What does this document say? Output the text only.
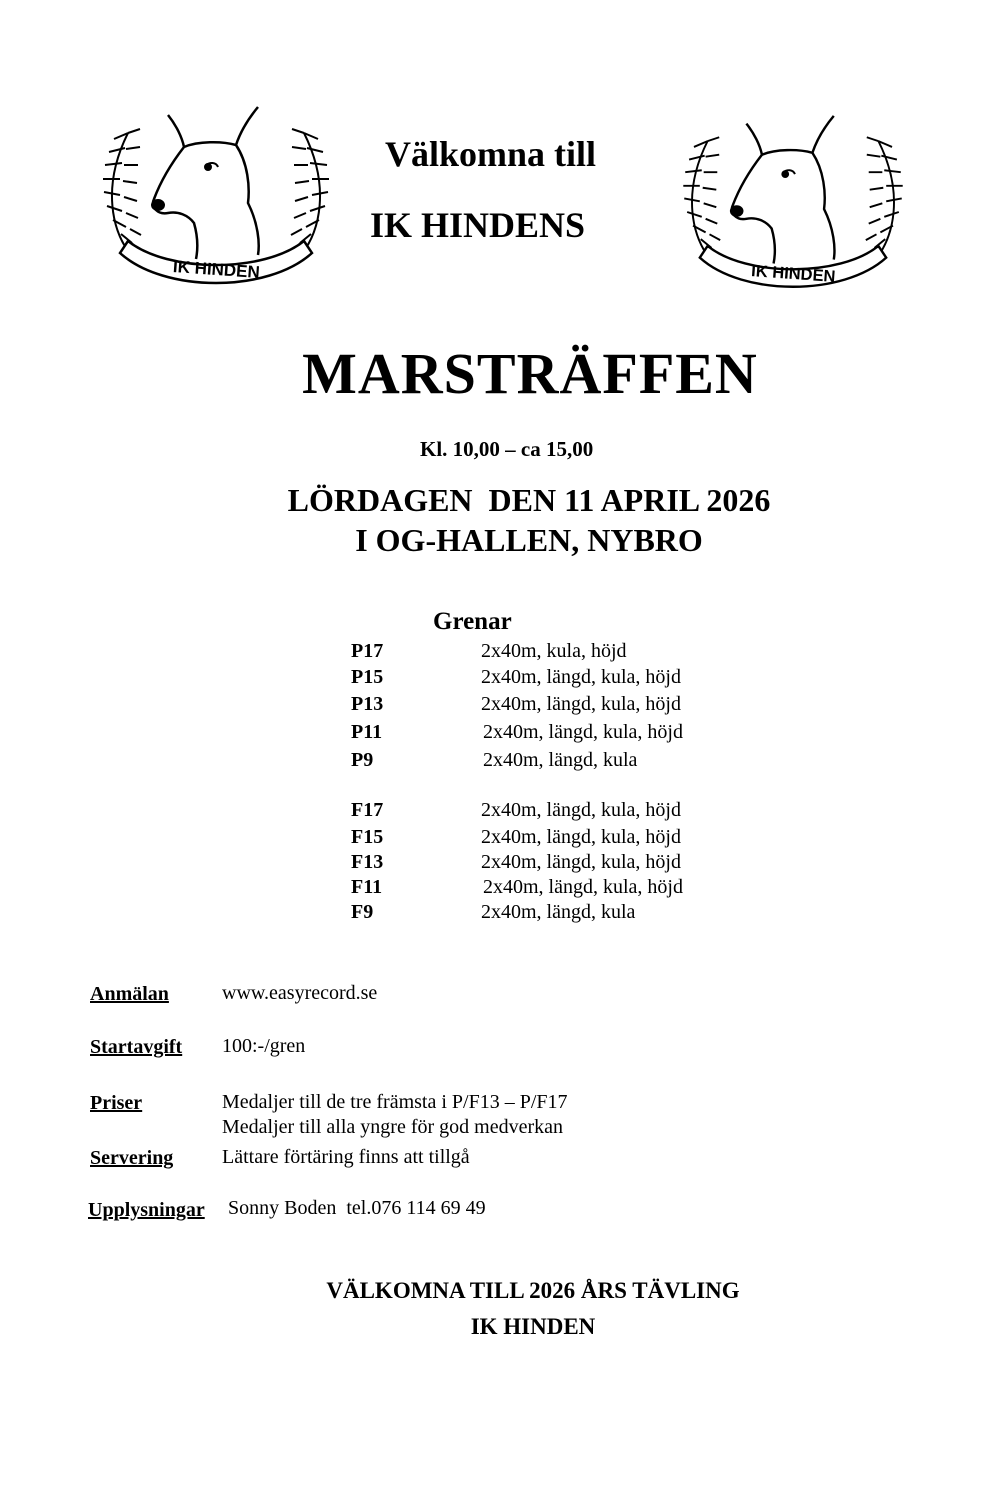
IK HINDEN	IK HINDEN
Välkomna till
IK HINDENS
MARSTRÄFFEN
Kl. 10,00 – ca 15,00
LÖRDAGEN  DEN 11 APRIL 2026
I OG-HALLEN, NYBRO
Grenar
P17	2x40m, kula, höjd
P15	2x40m, längd, kula, höjd
P13	2x40m, längd, kula, höjd
P11	2x40m, längd, kula, höjd
P9	2x40m, längd, kula
F17	2x40m, längd, kula, höjd
F15	2x40m, längd, kula, höjd
F13	2x40m, längd, kula, höjd
F11	2x40m, längd, kula, höjd
F9	2x40m, längd, kula
Anmälan	www.easyrecord.se
Startavgift 100:-/gren
Priser	Medaljer till de tre främsta i P/F13 – P/F17
Medaljer till alla yngre för god medverkan
Servering Lättare förtäring finns att tillgå
Upplysningar Sonny Boden  tel.076 114 69 49
VÄLKOMNA TILL 2026 ÅRS TÄVLING
IK HINDEN
